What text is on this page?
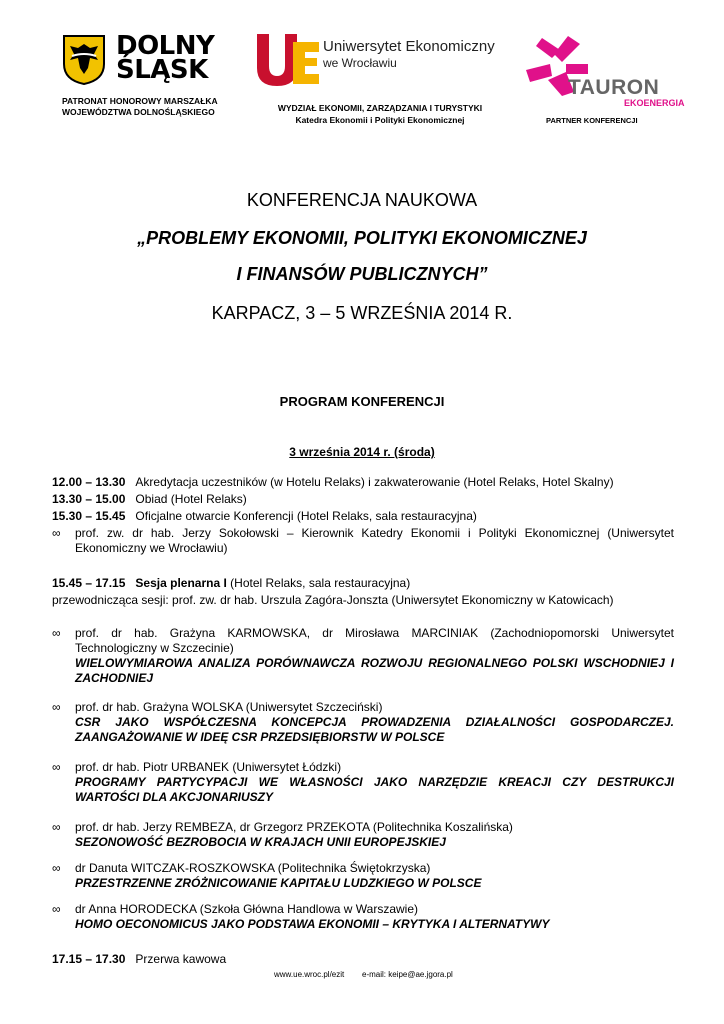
DOLNY
ŚLĄSK
PATRONAT HONOROWY MARSZAŁKA
WOJEWÓDZTWA DOLNOŚLĄSKIEGO
Uniwersytet Ekonomiczny
we Wrocławiu
WYDZIAŁ EKONOMII, ZARZĄDZANIA I TURYSTYKI
Katedra Ekonomii i Polityki Ekonomicznej
TAURON
EKOENERGIA
PARTNER KONFERENCJI
KONFERENCJA NAUKOWA
„PROBLEMY EKONOMII, POLITYKI EKONOMICZNEJ
I FINANSÓW PUBLICZNYCH”
KARPACZ, 3 – 5 WRZEŚNIA 2014 R.
PROGRAM KONFERENCJI
3 września 2014 r. (środa)
12.00 – 13.30 Akredytacja uczestników (w Hotelu Relaks) i zakwaterowanie (Hotel Relaks, Hotel Skalny)
13.30 – 15.00 Obiad (Hotel Relaks)
15.30 – 15.45 Oficjalne otwarcie Konferencji (Hotel Relaks, sala restauracyjna)
∞ prof. zw. dr hab. Jerzy Sokołowski – Kierownik Katedry Ekonomii i Polityki Ekonomicznej (Uniwersytet Ekonomiczny we Wrocławiu)
15.45 – 17.15 Sesja plenarna I (Hotel Relaks, sala restauracyjna)
przewodnicząca sesji: prof. zw. dr hab. Urszula Zagóra-Jonszta (Uniwersytet Ekonomiczny w Katowicach)
∞ prof. dr hab. Grażyna KARMOWSKA, dr Mirosława MARCINIAK (Zachodniopomorski Uniwersytet Technologiczny w Szczecinie)
WIELOWYMIAROWA ANALIZA PORÓWNAWCZA ROZWOJU REGIONALNEGO POLSKI WSCHODNIEJ I ZACHODNIEJ
∞ prof. dr hab. Grażyna WOLSKA (Uniwersytet Szczeciński)
CSR JAKO WSPÓŁCZESNA KONCEPCJA PROWADZENIA DZIAŁALNOŚCI GOSPODARCZEJ. ZAANGAŻOWANIE W IDEĘ CSR PRZEDSIĘBIORSTW W POLSCE
∞ prof. dr hab. Piotr URBANEK (Uniwersytet Łódzki)
PROGRAMY PARTYCYPACJI WE WŁASNOŚCI JAKO NARZĘDZIE KREACJI CZY DESTRUKCJI WARTOŚCI DLA AKCJONARIUSZY
∞ prof. dr hab. Jerzy REMBEZA, dr Grzegorz PRZEKOTA (Politechnika Koszalińska)
SEZONOWOŚĆ BEZROBOCIA W KRAJACH UNII EUROPEJSKIEJ
∞ dr Danuta WITCZAK-ROSZKOWSKA (Politechnika Świętokrzyska)
PRZESTRZENNE ZRÓŻNICOWANIE KAPITAŁU LUDZKIEGO W POLSCE
∞ dr Anna HORODECKA (Szkoła Główna Handlowa w Warszawie)
HOMO OECONOMICUS JAKO PODSTAWA EKONOMII – KRYTYKA I ALTERNATYWY
17.15 – 17.30 Przerwa kawowa
www.ue.wroc.pl/ezit e-mail: keipe@ae.jgora.pl
